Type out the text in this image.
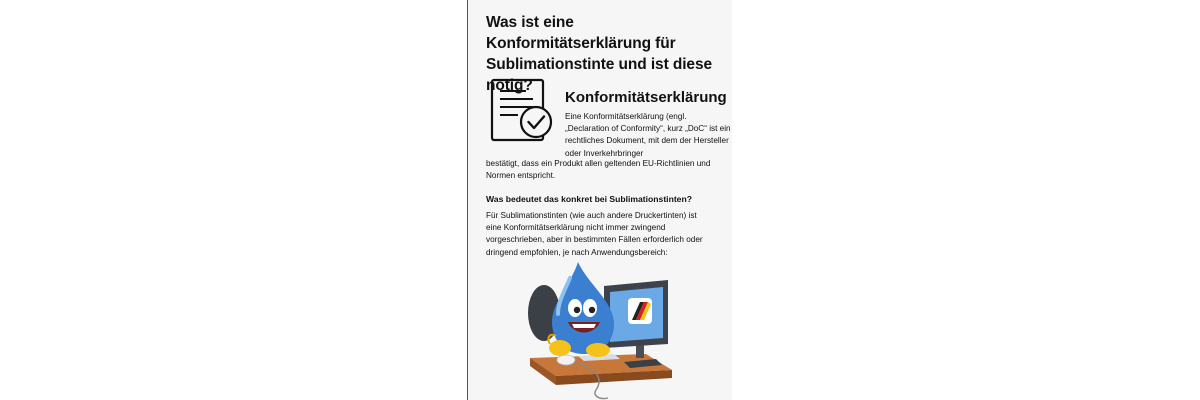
Was ist eine Konformitätserklärung für Sublimationstinte und ist diese nötig?
Konformitätserklärung

Eine Konformitätserklärung (engl. „Declaration of Conformity“, kurz „DoC“ ist ein rechtliches Dokument, mit dem der Hersteller oder Inverkehrbringer

bestätigt, dass ein Produkt allen geltenden EU-Richtlinien und Normen entspricht.

Was bedeutet das konkret bei Sublimationstinten?

Für Sublimationstinten (wie auch andere Druckertinten) ist eine Konformitätserklärung nicht immer zwingend vorgeschrieben, aber in bestimmten Fällen erforderlich oder dringend empfohlen, je nach Anwendungsbereich:
